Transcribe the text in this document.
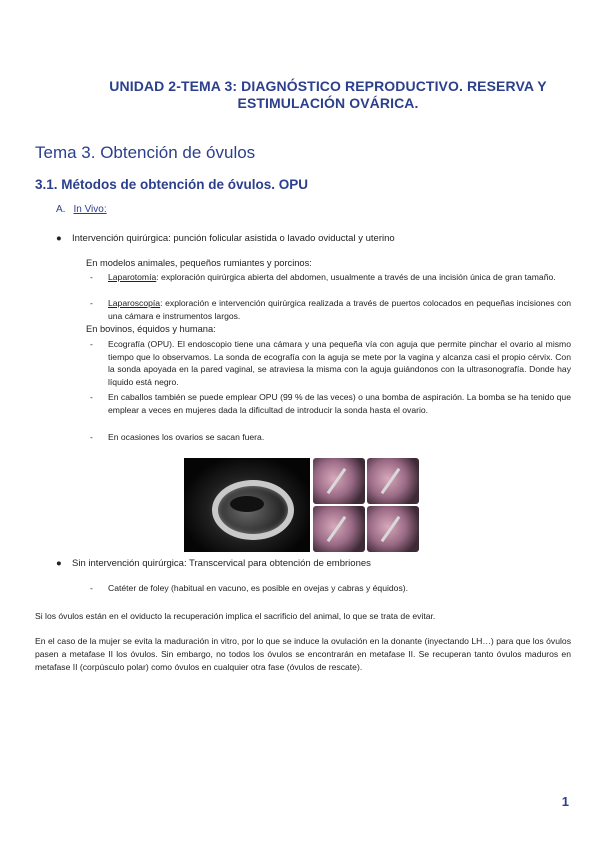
UNIDAD 2-TEMA 3: DIAGNÓSTICO REPRODUCTIVO. RESERVA Y ESTIMULACIÓN OVÁRICA.
Tema 3. Obtención de óvulos
3.1. Métodos de obtención de óvulos. OPU
A. In Vivo:
● Intervención quirúrgica: punción folicular asistida o lavado oviductal y uterino
En modelos animales, pequeños rumiantes y porcinos:
- Laparotomía: exploración quirúrgica abierta del abdomen, usualmente a través de una incisión única de gran tamaño.
- Laparoscopía: exploración e intervención quirúrgica realizada a través de puertos colocados en pequeñas incisiones con una cámara e instrumentos largos.
En bovinos, équidos y humana:
- Ecografía (OPU). El endoscopio tiene una cámara y una pequeña vía con aguja que permite pinchar el ovario al mismo tiempo que lo observamos. La sonda de ecografía con la aguja se mete por la vagina y alcanza casi el propio cérvix. Con la sonda apoyada en la pared vaginal, se atraviesa la misma con la aguja guiándonos con la ultrasonografía. Donde hay líquido está negro.
- En caballos también se puede emplear OPU (99 % de las veces) o una bomba de aspiración. La bomba se ha tenido que emplear a veces en mujeres dada la dificultad de introducir la sonda hasta el ovario.
- En ocasiones los ovarios se sacan fuera.
● Sin intervención quirúrgica: Transcervical para obtención de embriones
- Catéter de foley (habitual en vacuno, es posible en ovejas y cabras y équidos).
Si los óvulos están en el oviducto la recuperación implica el sacrificio del animal, lo que se trata de evitar.
En el caso de la mujer se evita la maduración in vitro, por lo que se induce la ovulación en la donante (inyectando LH…) para que los óvulos pasen a metafase II los óvulos. Sin embargo, no todos los óvulos se encontrarán en metafase II. Se recuperan tanto óvulos maduros en metafase II (corpúsculo polar) como óvulos en cualquier otra fase (óvulos de rescate).
1
